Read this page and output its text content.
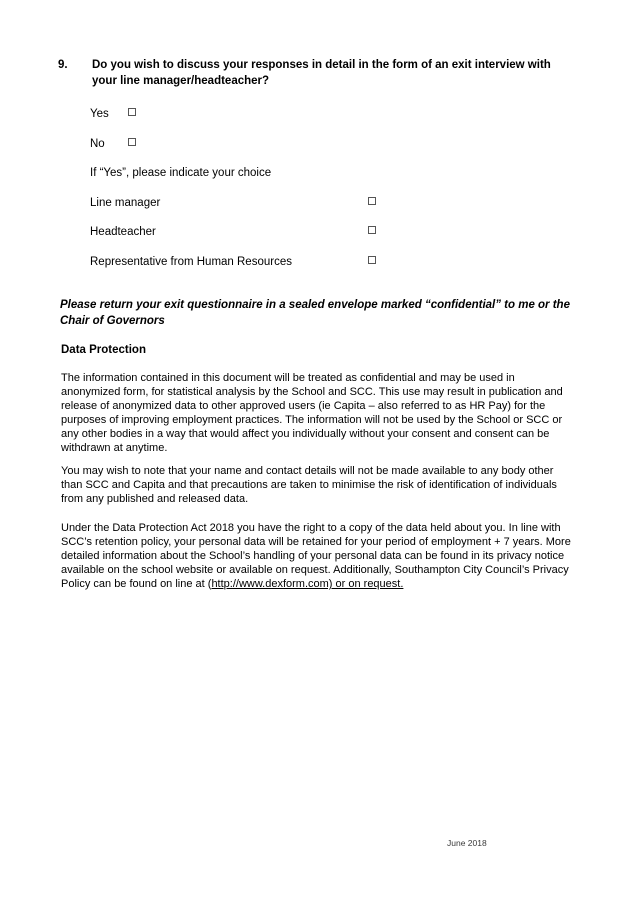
9.	Do you wish to discuss your responses in detail in the form of an exit interview with your line manager/headteacher?
Yes
No
If “Yes”, please indicate your choice
Line manager
Headteacher
Representative from Human Resources
Please return your exit questionnaire in a sealed envelope marked “confidential” to me or the Chair of Governors
Data Protection
The information contained in this document will be treated as confidential and may be used in anonymized form, for statistical analysis by the School and SCC. This use may result in publication and release of anonymized data to other approved users (ie Capita – also referred to as HR Pay) for the purposes of improving employment practices. The information will not be used by the School or SCC or any other bodies in a way that would affect you individually without your consent and consent can be withdrawn at anytime.
You may wish to note that your name and contact details will not be made available to any body other than SCC and Capita and that precautions are taken to minimise the risk of identification of individuals from any published and released data.
Under the Data Protection Act 2018 you have the right to a copy of the data held about you. In line with SCC’s retention policy, your personal data will be retained for your period of employment + 7 years. More detailed information about the School’s handling of your personal data can be found in its privacy notice available on the school website or available on request. Additionally, Southampton City Council’s Privacy Policy can be found on line at (http://www.dexform.com) or on request.
June 2018
